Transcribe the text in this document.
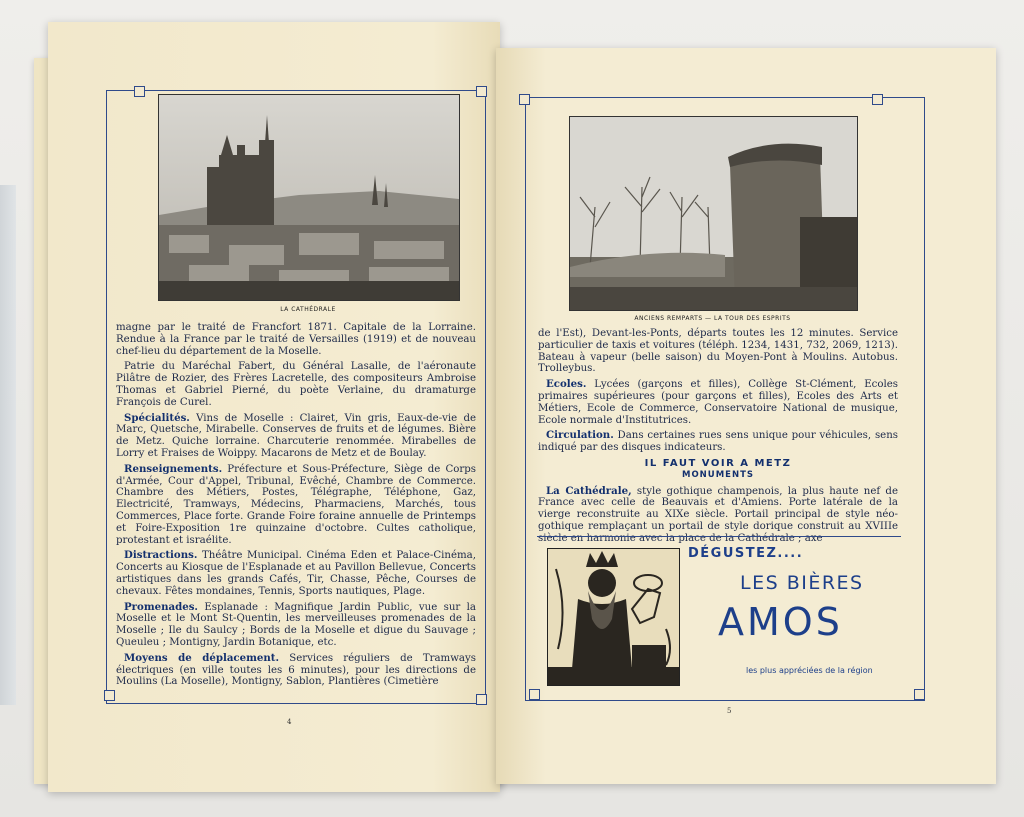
LA CATHÉDRALE

magne par le traité de Francfort 1871. Capitale de la Lorraine. Rendue à la France par le traité de Versailles (1919) et de nouveau chef-lieu du département de la Moselle.

Patrie du Maréchal Fabert, du Général Lasalle, de l'aéronaute Pilâtre de Rozier, des Frères Lacretelle, des compositeurs Ambroise Thomas et Gabriel Pierné, du poète Verlaine, du dramaturge François de Curel.

Spécialités. Vins de Moselle : Clairet, Vin gris, Eaux-de-vie de Marc, Quetsche, Mirabelle. Conserves de fruits et de légumes. Bière de Metz. Quiche lorraine. Charcuterie renommée. Mirabelles de Lorry et Fraises de Woippy. Macarons de Metz et de Boulay.

Renseignements. Préfecture et Sous-Préfecture, Siège de Corps d'Armée, Cour d'Appel, Tribunal, Evêché, Chambre de Commerce. Chambre des Métiers, Postes, Télégraphe, Téléphone, Gaz, Electricité, Tramways, Médecins, Pharmaciens, Marchés, tous Commerces, Place forte. Grande Foire foraine annuelle de Printemps et Foire-Exposition 1re quinzaine d'octobre. Cultes catholique, protestant et israélite.

Distractions. Théâtre Municipal. Cinéma Eden et Palace-Cinéma, Concerts au Kiosque de l'Esplanade et au Pavillon Bellevue, Concerts artistiques dans les grands Cafés, Tir, Chasse, Pêche, Courses de chevaux. Fêtes mondaines, Tennis, Sports nautiques, Plage.

Promenades. Esplanade : Magnifique Jardin Public, vue sur la Moselle et le Mont St-Quentin, les merveilleuses promenades de la Moselle ; Ile du Saulcy ; Bords de la Moselle et digue du Sauvage ; Queuleu ; Montigny, Jardin Botanique, etc.

Moyens de déplacement. Services réguliers de Tramways électriques (en ville toutes les 6 minutes), pour les directions de Moulins (La Moselle), Montigny, Sablon, Plantières (Cimetière

4
ANCIENS REMPARTS — LA TOUR DES ESPRITS

de l'Est), Devant-les-Ponts, départs toutes les 12 minutes. Service particulier de taxis et voitures (téléph. 1234, 1431, 732, 2069, 1213). Bateau à vapeur (belle saison) du Moyen-Pont à Moulins. Autobus. Trolleybus.

Ecoles. Lycées (garçons et filles), Collège St-Clément, Ecoles primaires supérieures (pour garçons et filles), Ecoles des Arts et Métiers, Ecole de Commerce, Conservatoire National de musique, Ecole normale d'Institutrices.

Circulation. Dans certaines rues sens unique pour véhicules, sens indiqué par des disques indicateurs.

IL FAUT VOIR A METZ
MONUMENTS

La Cathédrale, style gothique champenois, la plus haute nef de France avec celle de Beauvais et d'Amiens. Porte latérale de la vierge reconstruite au XIXe siècle. Portail principal de style néo-gothique remplaçant un portail de style dorique construit au XVIIIe siècle en harmonie avec la place de la Cathédrale ; axe

DÉGUSTEZ....
LES BIÈRES
AMOS
les plus appréciées de la région
5
